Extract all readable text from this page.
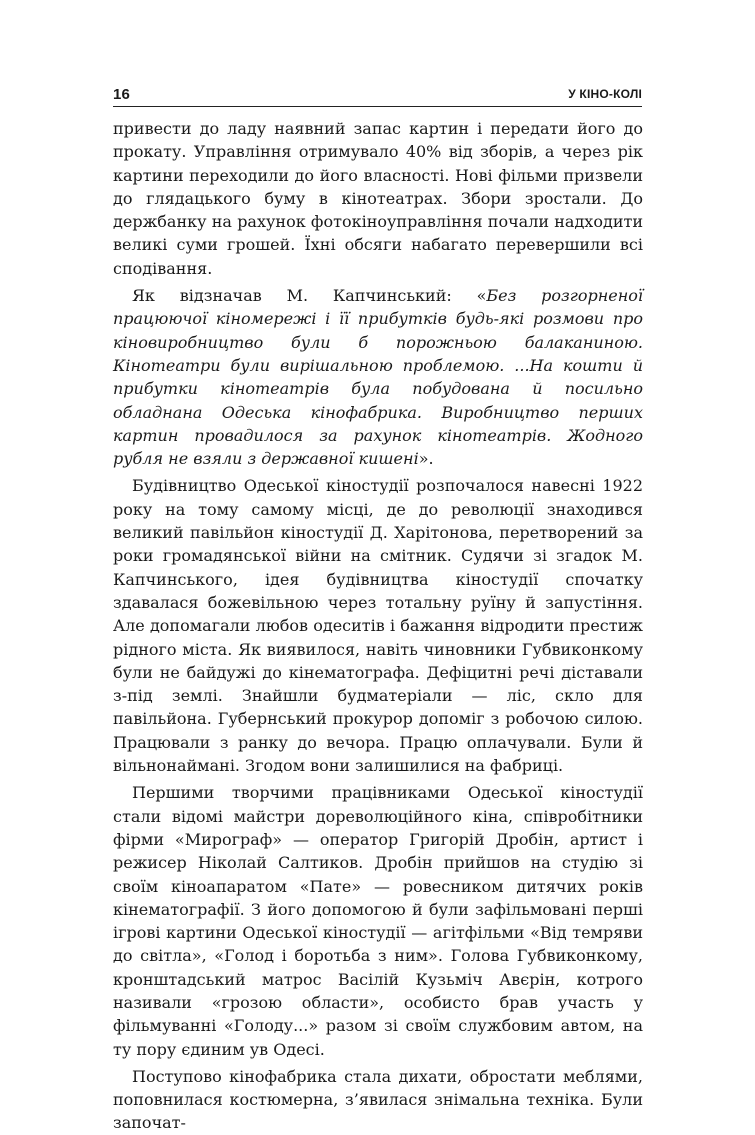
16	У КІНО-КОЛІ

привести до ладу наявний запас картин і передати його до прокату. Управління отримувало 40% від зборів, а через рік картини переходили до його власності. Нові фільми призвели до глядацького буму в кінотеатрах. Збори зростали. До держбанку на рахунок фотокіноуправління почали надходити великі суми грошей. Їхні обсяги набагато перевершили всі сподівання.

Як відзначав М. Капчинський: «Без розгорненої працюючої кіномережі і її прибутків будь-які розмови про кіновиробництво були б порожньою балаканиною. Кінотеатри були вирішальною проблемою. ...На кошти й прибутки кінотеатрів була побудована й посильно обладнана Одеська кінофабрика. Виробництво перших картин провадилося за рахунок кінотеатрів. Жодного рубля не взяли з державної кишені».

Будівництво Одеської кіностудії розпочалося навесні 1922 року на тому самому місці, де до революції знаходився великий павільйон кіностудії Д. Харітонова, перетворений за роки громадянської війни на смітник. Судячи зі згадок М. Капчинського, ідея будівництва кіностудії спочатку здавалася божевільною через тотальну руїну й запустіння. Але допомагали любов одеситів і бажання відродити престиж рідного міста. Як виявилося, навіть чиновники Губвиконкому були не байдужі до кінематографа. Дефіцитні речі діставали з-під землі. Знайшли будматеріали — ліс, скло для павільйона. Губернський прокурор допоміг з робочою силою. Працювали з ранку до вечора. Працю оплачували. Були й вільнонаймані. Згодом вони залишилися на фабриці.

Першими творчими працівниками Одеської кіностудії стали відомі майстри дореволюційного кіна, співробітники фірми «Мирограф» — оператор Григорій Дробін, артист і режисер Ніколай Салтиков. Дробін прийшов на студію зі своїм кіноапаратом «Пате» — ровесником дитячих років кінематографії. З його допомогою й були зафільмовані перші ігрові картини Одеської кіностудії — агітфільми «Від темряви до світла», «Голод і боротьба з ним». Голова Губвиконкому, кронштадський матрос Васілій Кузьміч Авєрін, котрого називали «грозою области», особисто брав участь у фільмуванні «Голоду...» разом зі своїм службовим автом, на ту пору єдиним ув Одесі.

Поступово кінофабрика стала дихати, обростати меблями, поповнилася костюмерна, з’явилася знімальна техніка. Були започат-
